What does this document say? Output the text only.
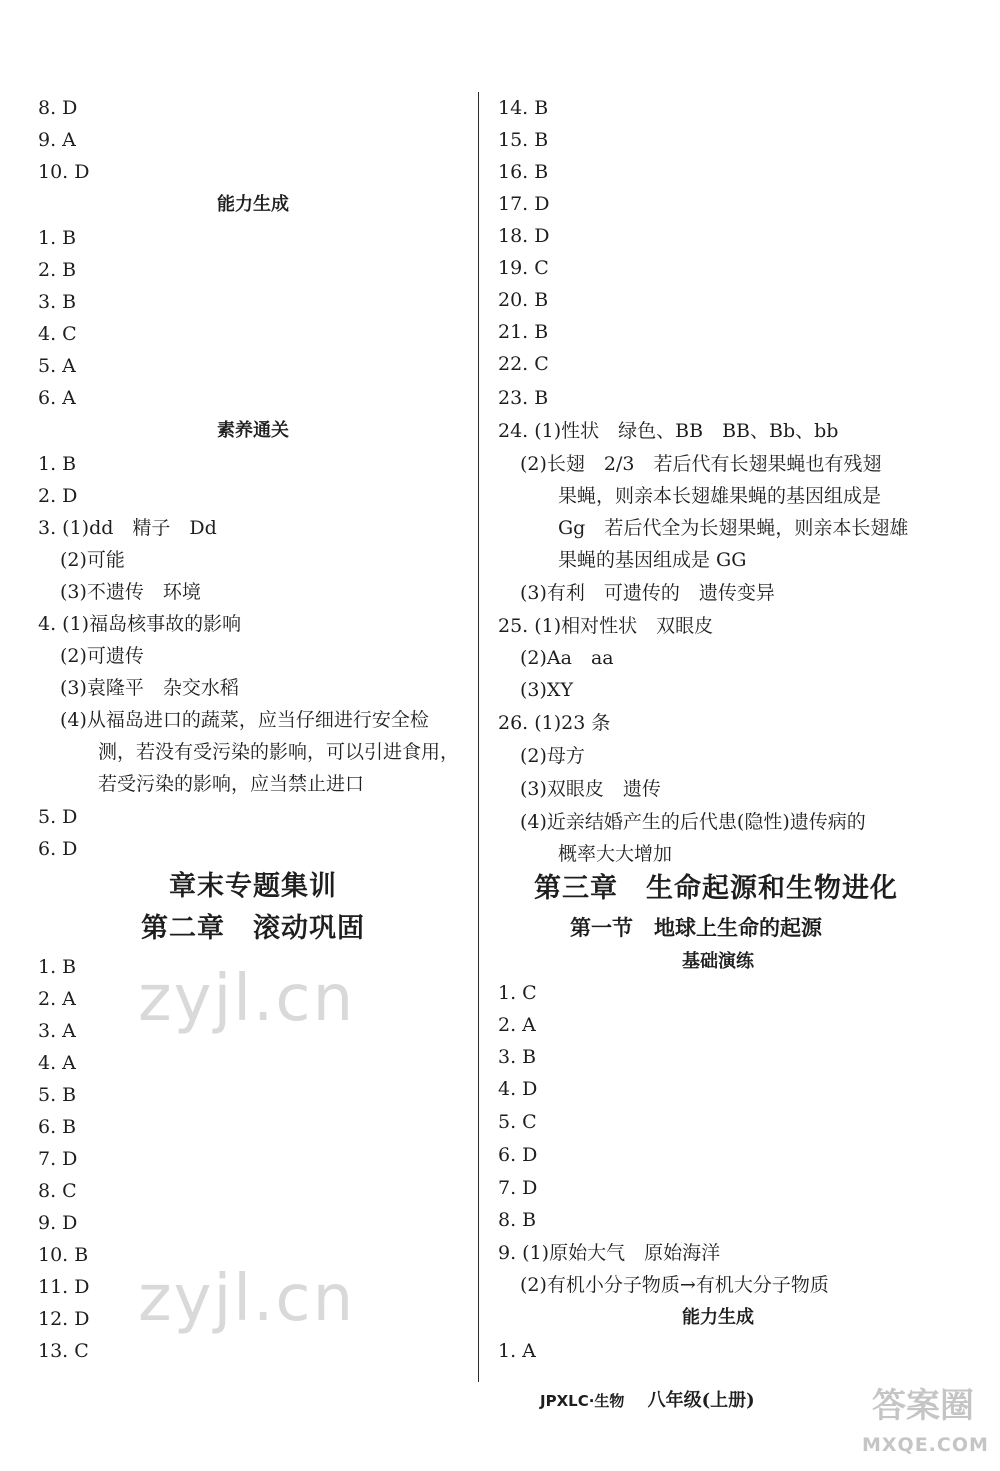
8. D
9. A
10. D
能力生成
1. B
2. B
3. B
4. C
5. A
6. A
素养通关
1. B
2. D
3. (1)dd　精子　Dd
(2)可能
(3)不遗传　环境
4. (1)福岛核事故的影响
(2)可遗传
(3)袁隆平　杂交水稻
(4)从福岛进口的蔬菜，应当仔细进行安全检
测，若没有受污染的影响，可以引进食用，
若受污染的影响，应当禁止进口
5. D
6. D
章末专题集训
第二章　滚动巩固
1. B
2. A
3. A
4. A
5. B
6. B
7. D
8. C
9. D
10. B
11. D
12. D
13. C
14. B
15. B
16. B
17. D
18. D
19. C
20. B
21. B
22. C
23. B
24. (1)性状　绿色、BB　BB、Bb、bb
(2)长翅　2/3　若后代有长翅果蝇也有残翅
果蝇，则亲本长翅雄果蝇的基因组成是
Gg　若后代全为长翅果蝇，则亲本长翅雄
果蝇的基因组成是 GG
(3)有利　可遗传的　遗传变异
25. (1)相对性状　双眼皮
(2)Aa　aa
(3)XY
26. (1)23 条
(2)母方
(3)双眼皮　遗传
(4)近亲结婚产生的后代患(隐性)遗传病的
概率大大增加
第三章　生命起源和生物进化
第一节　地球上生命的起源
基础演练
1. C
2. A
3. B
4. D
5. C
6. D
7. D
8. B
9. (1)原始大气　原始海洋
(2)有机小分子物质→有机大分子物质
能力生成
1. A
zyjl.cn
zyjl.cn
JPXLC·生物 八年级(上册)	答案圈
MXQE.COM
